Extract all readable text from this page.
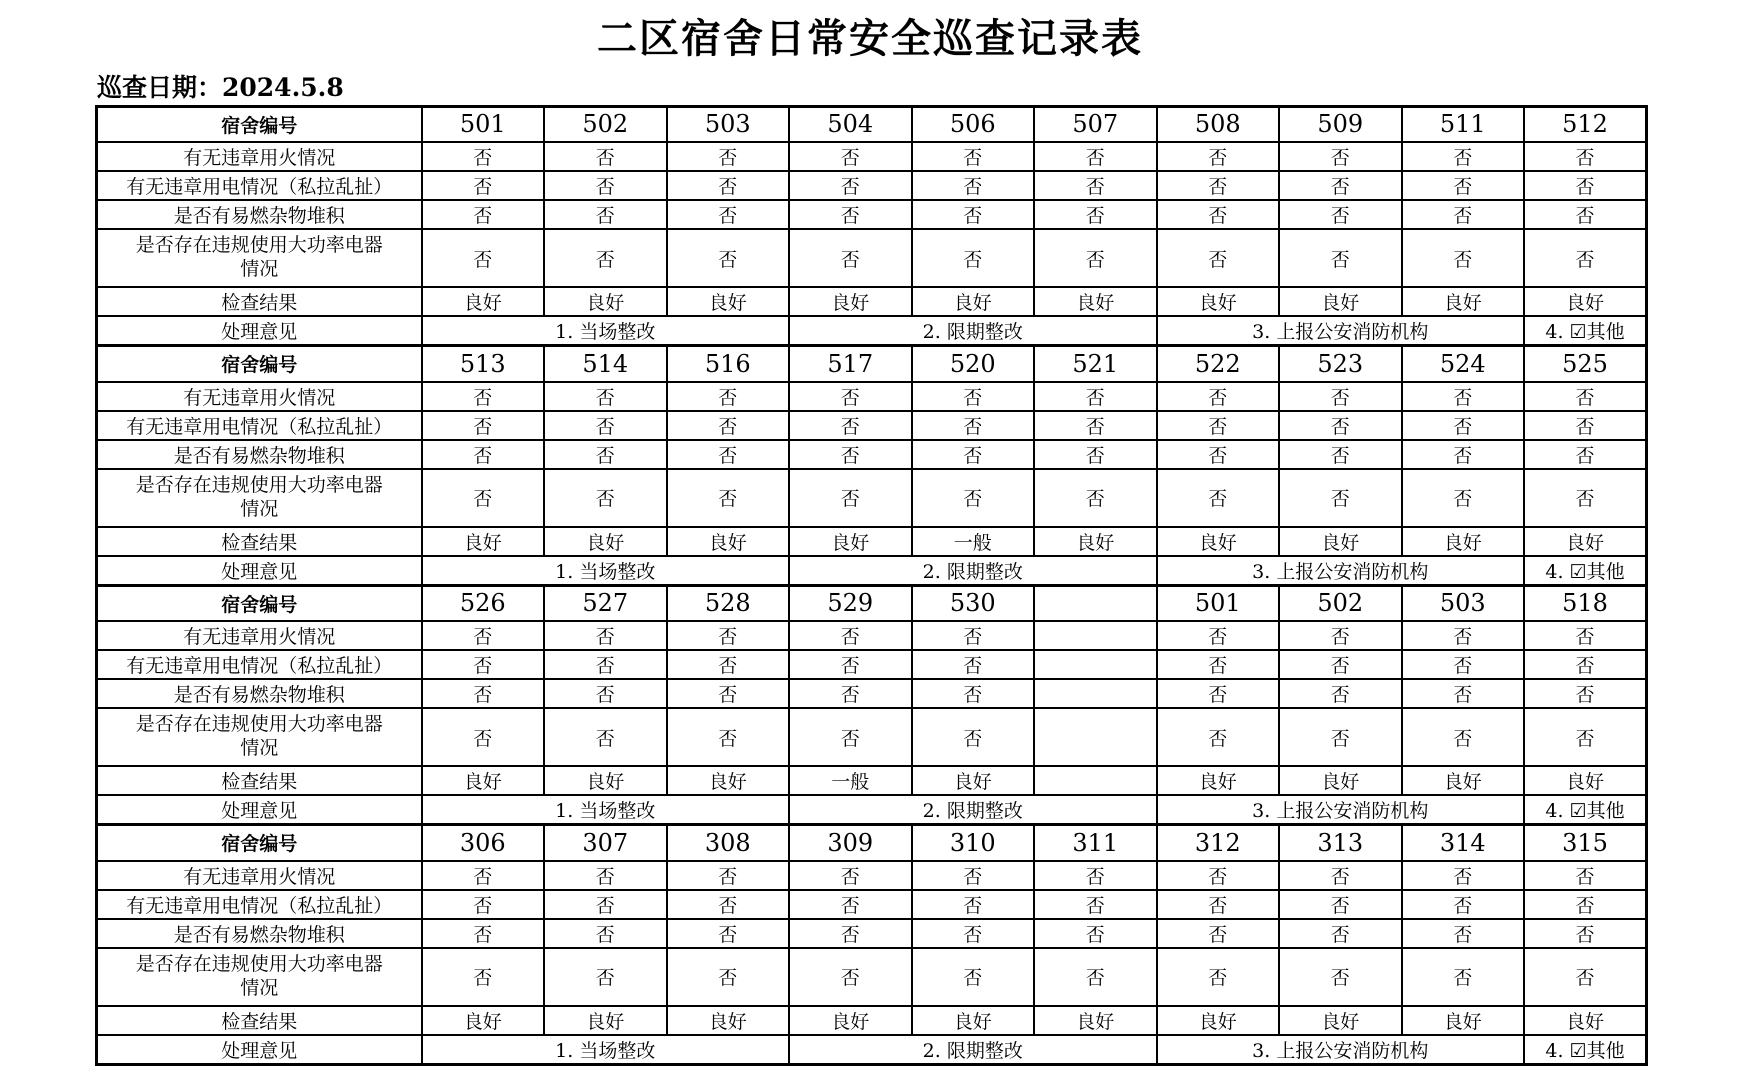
二区宿舍日常安全巡查记录表
巡查日期：2024.5.8
宿舍编号	501	502	503	504	506	507	508	509	511	512
有无违章用火情况	否	否	否	否	否	否	否	否	否	否
有无违章用电情况（私拉乱扯）	否	否	否	否	否	否	否	否	否	否
是否有易燃杂物堆积	否	否	否	否	否	否	否	否	否	否
是否存在违规使用大功率电器情况	否	否	否	否	否	否	否	否	否	否
检查结果	良好	良好	良好	良好	良好	良好	良好	良好	良好	良好
处理意见	1. 当场整改			2. 限期整改			3. 上报公安消防机构			4. ☑其他
宿舍编号	513	514	516	517	520	521	522	523	524	525
有无违章用火情况	否	否	否	否	否	否	否	否	否	否
有无违章用电情况（私拉乱扯）	否	否	否	否	否	否	否	否	否	否
是否有易燃杂物堆积	否	否	否	否	否	否	否	否	否	否
是否存在违规使用大功率电器情况	否	否	否	否	否	否	否	否	否	否
检查结果	良好	良好	良好	良好	一般	良好	良好	良好	良好	良好
处理意见	1. 当场整改			2. 限期整改			3. 上报公安消防机构			4. ☑其他
宿舍编号	526	527	528	529	530		501	502	503	518
有无违章用火情况	否	否	否	否	否		否	否	否	否
有无违章用电情况（私拉乱扯）	否	否	否	否	否		否	否	否	否
是否有易燃杂物堆积	否	否	否	否	否		否	否	否	否
是否存在违规使用大功率电器情况	否	否	否	否	否		否	否	否	否
检查结果	良好	良好	良好	一般	良好		良好	良好	良好	良好
处理意见	1. 当场整改			2. 限期整改			3. 上报公安消防机构			4. ☑其他
宿舍编号	306	307	308	309	310	311	312	313	314	315
有无违章用火情况	否	否	否	否	否	否	否	否	否	否
有无违章用电情况（私拉乱扯）	否	否	否	否	否	否	否	否	否	否
是否有易燃杂物堆积	否	否	否	否	否	否	否	否	否	否
是否存在违规使用大功率电器情况	否	否	否	否	否	否	否	否	否	否
检查结果	良好	良好	良好	良好	良好	良好	良好	良好	良好	良好
处理意见	1. 当场整改			2. 限期整改			3. 上报公安消防机构			4. ☑其他
